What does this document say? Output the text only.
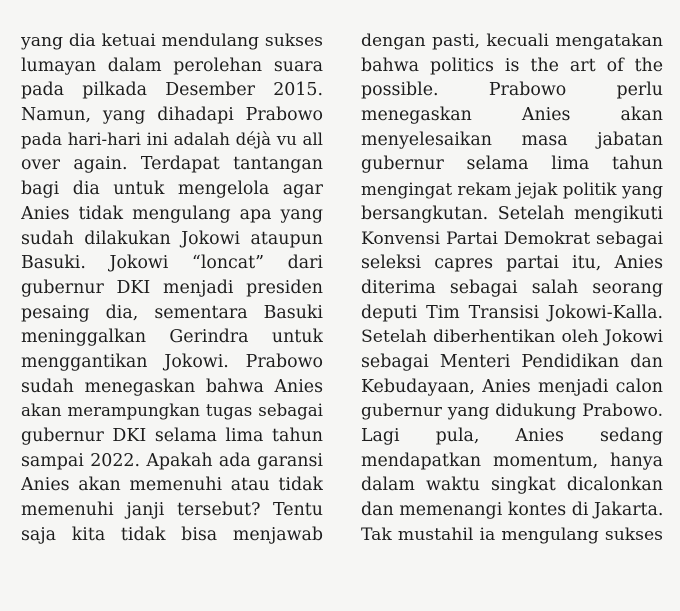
yang dia ketuai mendulang sukses
lumayan dalam perolehan suara
pada pilkada Desember 2015.
Namun, yang dihadapi Prabowo
pada hari-hari ini adalah déjà vu all
over again. Terdapat tantangan
bagi dia untuk mengelola agar
Anies tidak mengulang apa yang
sudah dilakukan Jokowi ataupun
Basuki. Jokowi “loncat” dari
gubernur DKI menjadi presiden
pesaing dia, sementara Basuki
meninggalkan Gerindra untuk
menggantikan Jokowi. Prabowo
sudah menegaskan bahwa Anies
akan merampungkan tugas sebagai
gubernur DKI selama lima tahun
sampai 2022. Apakah ada garansi
Anies akan memenuhi atau tidak
memenuhi janji tersebut? Tentu
saja kita tidak bisa menjawab
dengan pasti, kecuali mengatakan
bahwa politics is the art of the
possible. Prabowo perlu
menegaskan Anies akan
menyelesaikan masa jabatan
gubernur selama lima tahun
mengingat rekam jejak politik yang
bersangkutan. Setelah mengikuti
Konvensi Partai Demokrat sebagai
seleksi capres partai itu, Anies
diterima sebagai salah seorang
deputi Tim Transisi Jokowi-Kalla.
Setelah diberhentikan oleh Jokowi
sebagai Menteri Pendidikan dan
Kebudayaan, Anies menjadi calon
gubernur yang didukung Prabowo.
Lagi pula, Anies sedang
mendapatkan momentum, hanya
dalam waktu singkat dicalonkan
dan memenangi kontes di Jakarta.
Tak mustahil ia mengulang sukses
